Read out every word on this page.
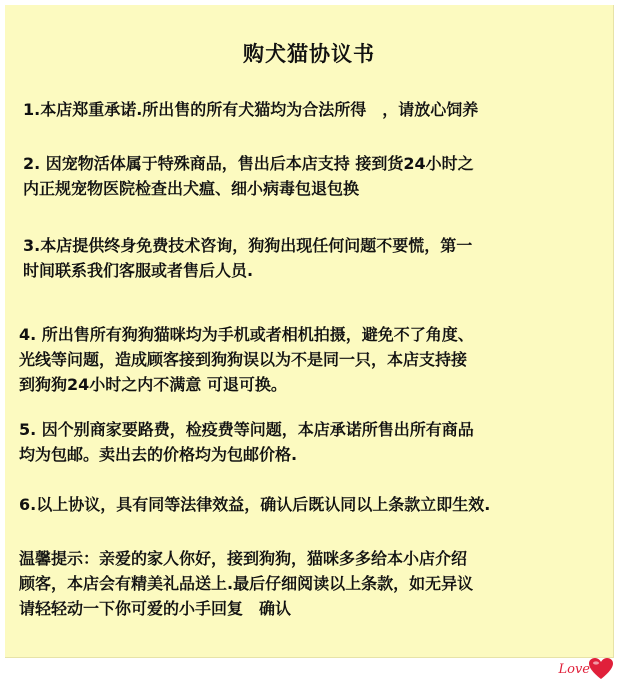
购犬猫协议书
1.本店郑重承诺.所出售的所有犬猫均为合法所得　，请放心饲养
2. 因宠物活体属于特殊商品，售出后本店支持 接到货24小时之
内正规宠物医院检查出犬瘟、细小病毒包退包换
3.本店提供终身免费技术咨询，狗狗出现任何问题不要慌，第一
时间联系我们客服或者售后人员.
4. 所出售所有狗狗猫咪均为手机或者相机拍摄，避免不了角度、
光线等问题，造成顾客接到狗狗误以为不是同一只，本店支持接
到狗狗24小时之内不满意 可退可换。
5. 因个别商家要路费，检疫费等问题，本店承诺所售出所有商品
均为包邮。卖出去的价格均为包邮价格.
6.以上协议，具有同等法律效益，确认后既认同以上条款立即生效.
温馨提示：亲爱的家人你好，接到狗狗，猫咪多多给本小店介绍
顾客，本店会有精美礼品送上.最后仔细阅读以上条款，如无异议
请轻轻动一下你可爱的小手回复　确认
Love
